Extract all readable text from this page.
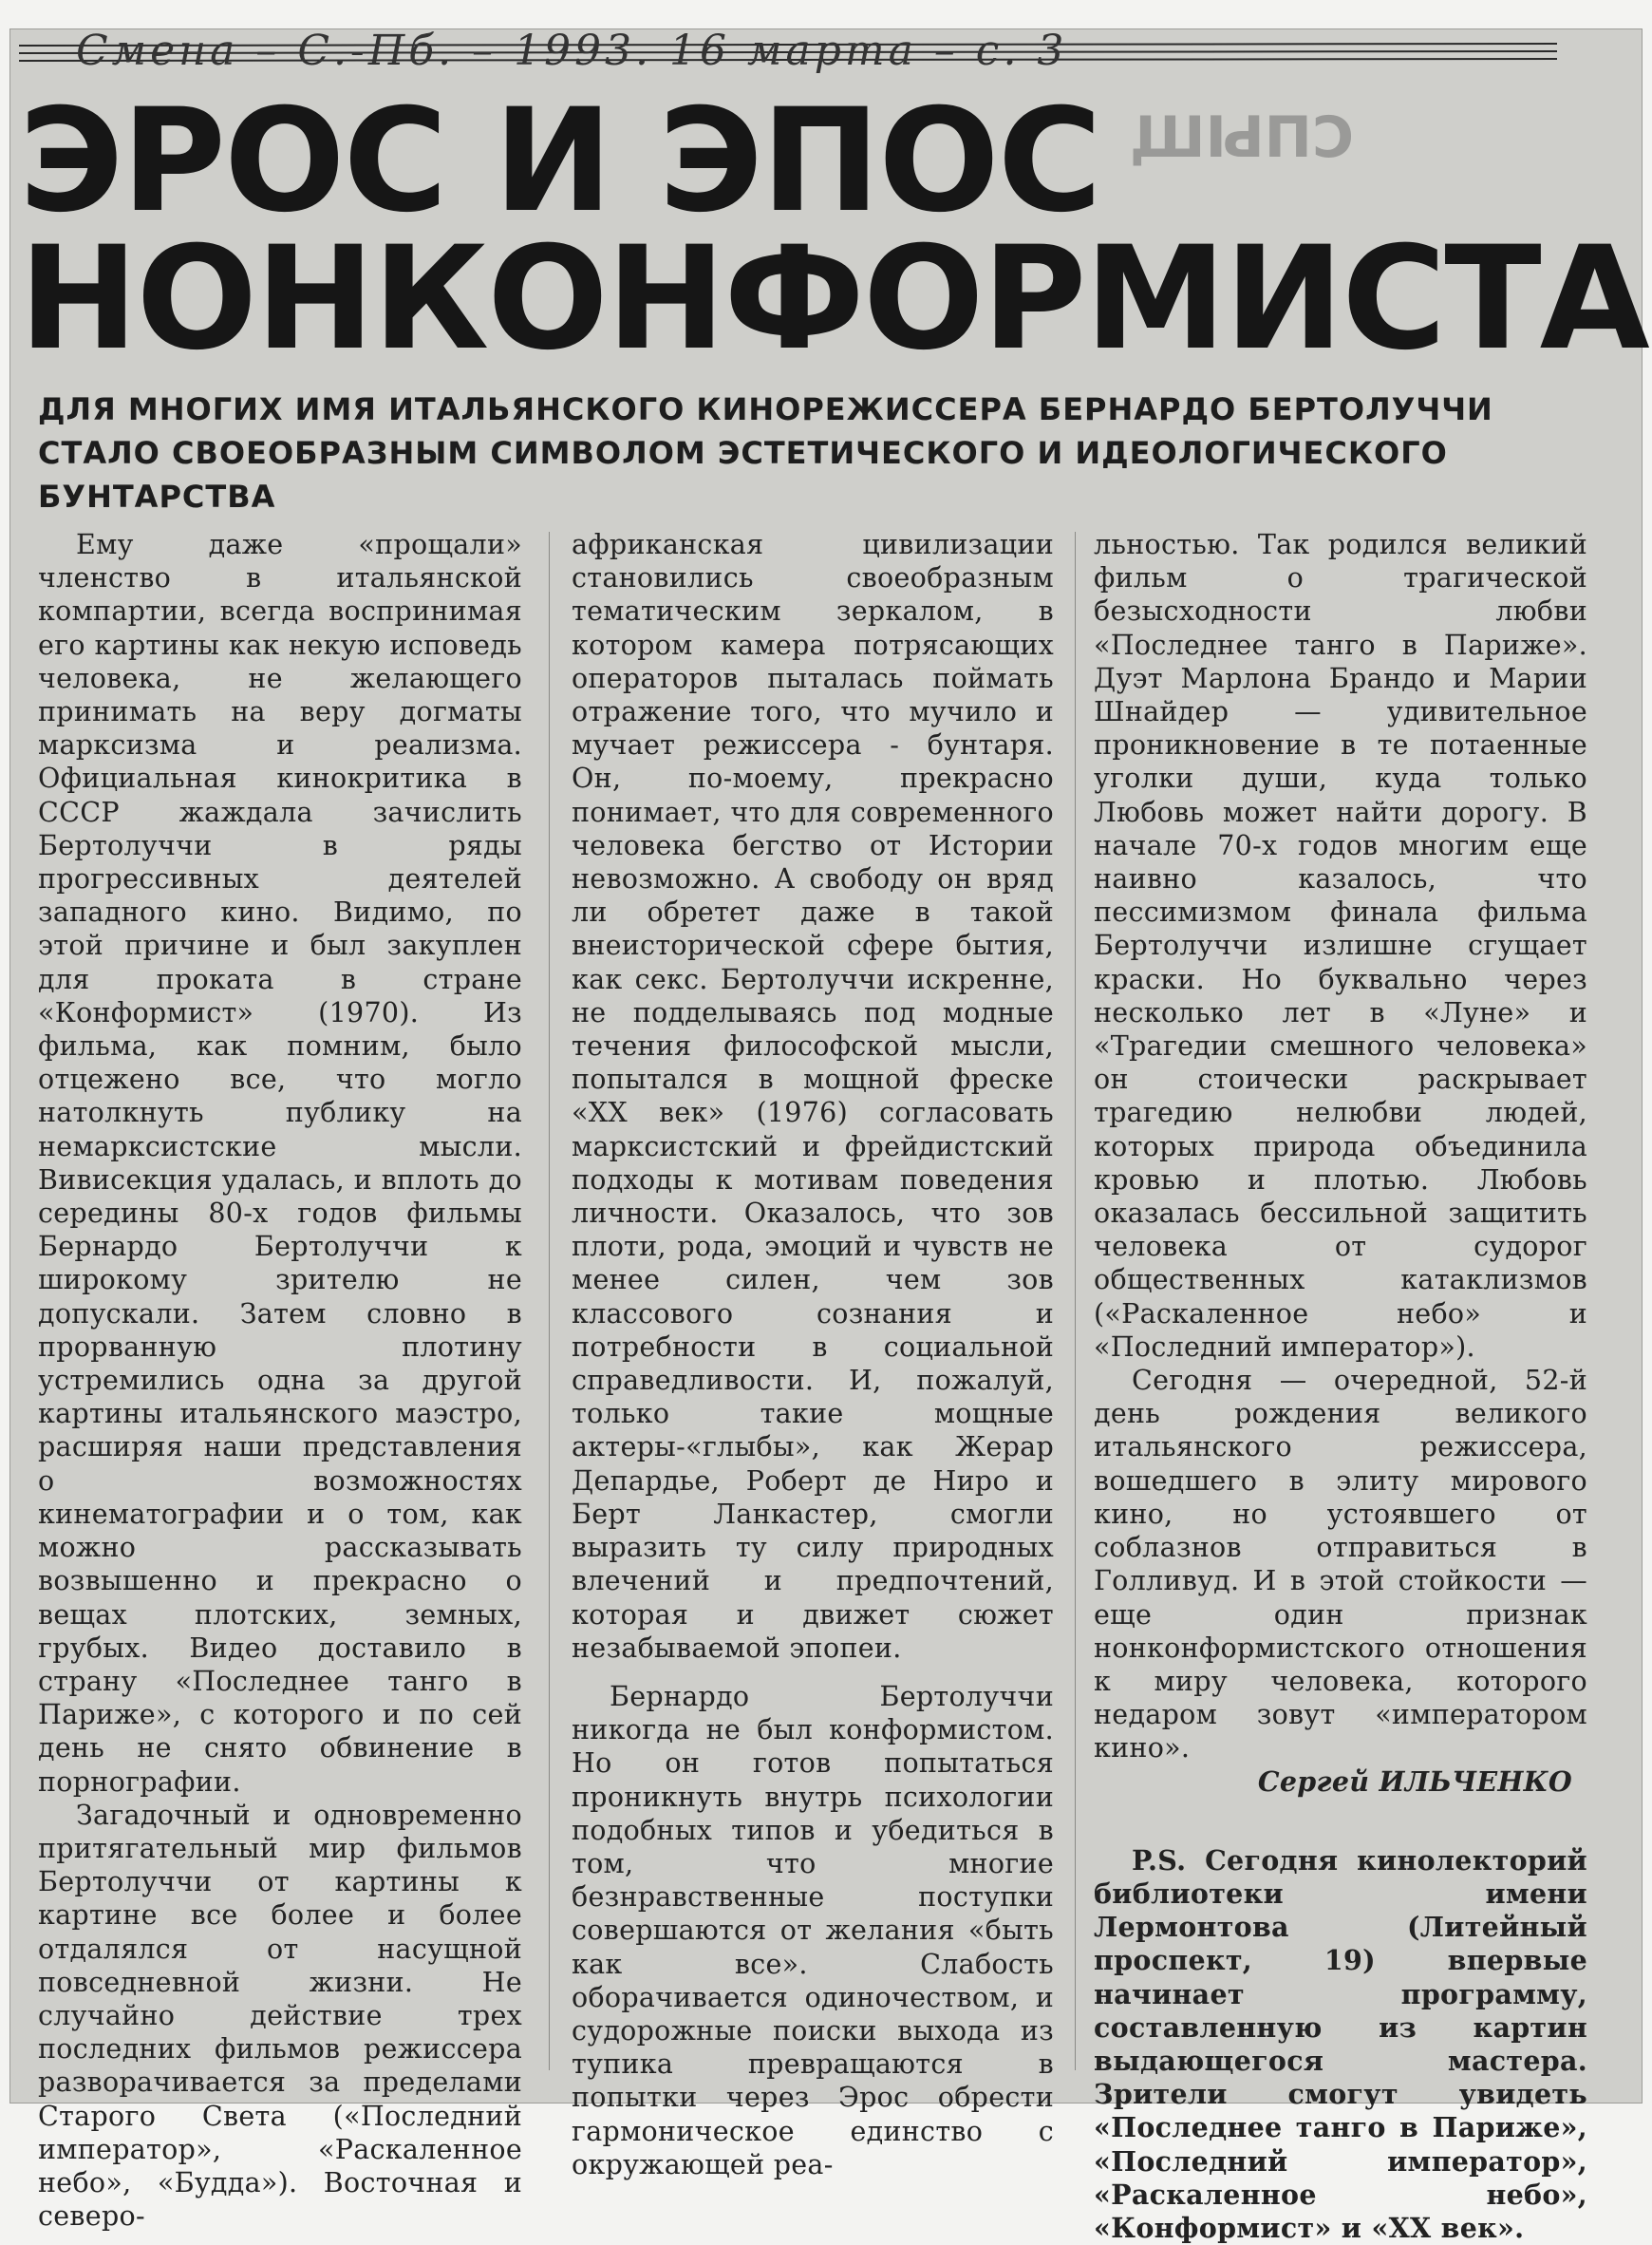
Смена – С.-Пб. – 1993. 16 марта – с. 3
СПЫЩ
ЭРОС И ЭПОС
НОНКОНФОРМИСТА
ДЛЯ МНОГИХ ИМЯ ИТАЛЬЯНСКОГО КИНОРЕЖИССЕРА БЕРНАРДО БЕРТОЛУЧЧИ СТАЛО СВОЕОБРАЗНЫМ СИМВОЛОМ ЭСТЕТИЧЕСКОГО И ИДЕОЛОГИЧЕСКОГО БУНТАРСТВА

Ему даже «прощали» членство в итальянской компартии, всегда воспринимая его картины как некую исповедь человека, не желающего принимать на веру догматы марксизма и реализма. Официальная кинокритика в СССР жаждала зачислить Бертолуччи в ряды прогрессивных деятелей западного кино. Видимо, по этой причине и был закуплен для проката в стране «Конформист» (1970). Из фильма, как помним, было отцежено все, что могло натолкнуть публику на немарксистские мысли. Вивисекция удалась, и вплоть до середины 80-х годов фильмы Бернардо Бертолуччи к широкому зрителю не допускали. Затем словно в прорванную плотину устремились одна за другой картины итальянского маэстро, расширяя наши представления о возможностях кинематографии и о том, как можно рассказывать возвышенно и прекрасно о вещах плотских, земных, грубых. Видео доставило в страну «Последнее танго в Париже», с которого и по сей день не снято обвинение в порнографии.

Загадочный и одновременно притягательный мир фильмов Бертолуччи от картины к картине все более и более отдалялся от насущной повседневной жизни. Не случайно действие трех последних фильмов режиссера разворачивается за пределами Старого Света («Последний император», «Раскаленное небо», «Будда»). Восточная и северо-

африканская цивилизации становились своеобразным тематическим зеркалом, в котором камера потрясающих операторов пыталась поймать отражение того, что мучило и мучает режиссера - бунтаря. Он, по-моему, прекрасно понимает, что для современного человека бегство от Истории невозможно. А свободу он вряд ли обретет даже в такой внеисторической сфере бытия, как секс. Бертолуччи искренне, не подделываясь под модные течения философской мысли, попытался в мощной фреске «ХХ век» (1976) согласовать марксистский и фрейдистский подходы к мотивам поведения личности. Оказалось, что зов плоти, рода, эмоций и чувств не менее силен, чем зов классового сознания и потребности в социальной справедливости. И, пожалуй, только такие мощные актеры-«глыбы», как Жерар Депардье, Роберт де Ниро и Берт Ланкастер, смогли выразить ту силу природных влечений и предпочтений, которая и движет сюжет незабываемой эпопеи.

Бернардо Бертолуччи никогда не был конформистом. Но он готов попытаться проникнуть внутрь психологии подобных типов и убедиться в том, что многие безнравственные поступки совершаются от желания «быть как все». Слабость оборачивается одиночеством, и судорожные поиски выхода из тупика превращаются в попытки через Эрос обрести гармоническое единство с окружающей реа-

льностью. Так родился великий фильм о трагической безысходности любви «Последнее танго в Париже». Дуэт Марлона Брандо и Марии Шнайдер — удивительное проникновение в те потаенные уголки души, куда только Любовь может найти дорогу. В начале 70-х годов многим еще наивно казалось, что пессимизмом финала фильма Бертолуччи излишне сгущает краски. Но буквально через несколько лет в «Луне» и «Трагедии смешного человека» он стоически раскрывает трагедию нелюбви людей, которых природа объединила кровью и плотью. Любовь оказалась бессильной защитить человека от судорог общественных катаклизмов («Раскаленное небо» и «Последний император»).

Сегодня — очередной, 52-й день рождения великого итальянского режиссера, вошедшего в элиту мирового кино, но устоявшего от соблазнов отправиться в Голливуд. И в этой стойкости — еще один признак нонконформистского отношения к миру человека, которого недаром зовут «императором кино».

Сергей ИЛЬЧЕНКО

P.S. Сегодня кинолекторий библиотеки имени Лермонтова (Литейный проспект, 19) впервые начинает программу, составленную из картин выдающегося мастера. Зрители смогут увидеть «Последнее танго в Париже», «Последний император», «Раскаленное небо», «Конформист» и «ХХ век».
